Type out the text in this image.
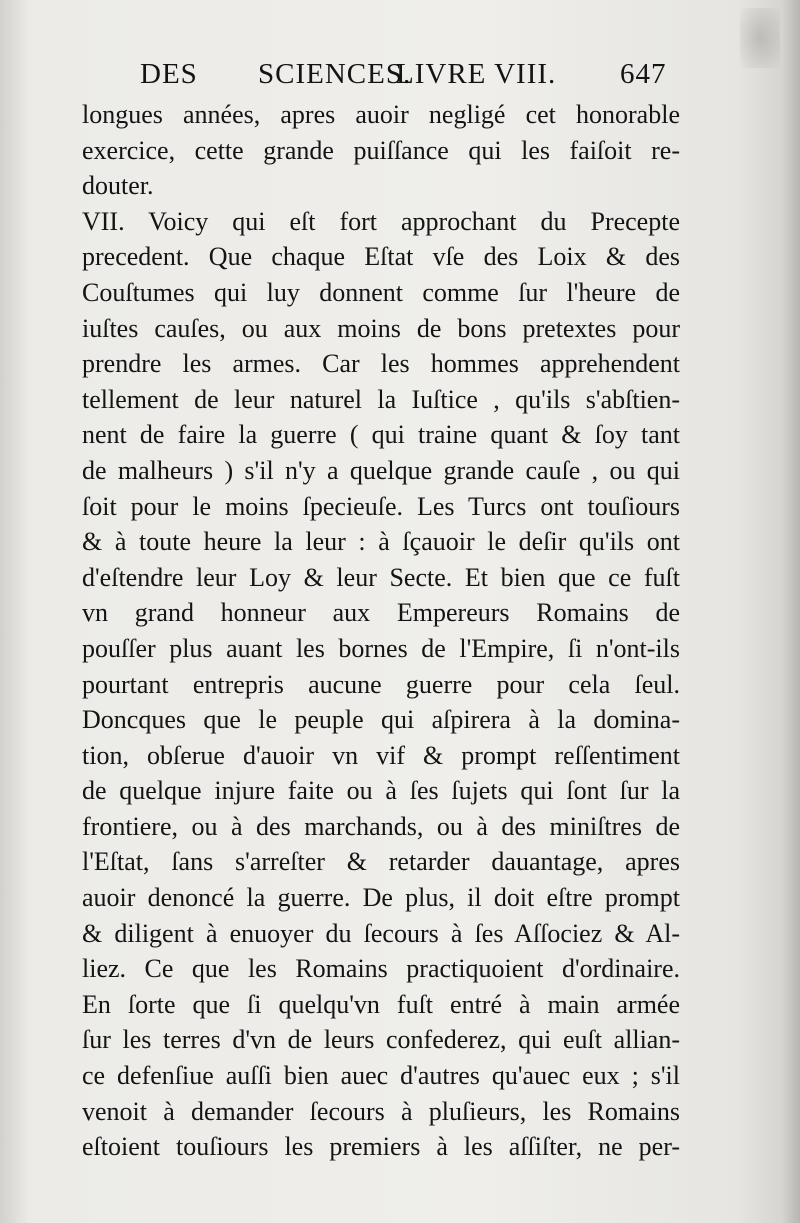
DES SCIENCES.
LIVRE VIII. 647
longues années, apres auoir negligé cet honorable
exercice, cette grande puiſſance qui les faiſoit re-
douter.
VII. Voicy qui eſt fort approchant du Precepte
precedent. Que chaque Eſtat vſe des Loix & des
Couſtumes qui luy donnent comme ſur l'heure de
iuſtes cauſes, ou aux moins de bons pretextes pour
prendre les armes. Car les hommes apprehendent
tellement de leur naturel la Iuſtice , qu'ils s'abſtien-
nent de faire la guerre ( qui traine quant & ſoy tant
de malheurs ) s'il n'y a quelque grande cauſe , ou qui
ſoit pour le moins ſpecieuſe. Les Turcs ont touſiours
& à toute heure la leur : à ſçauoir le deſir qu'ils ont
d'eſtendre leur Loy & leur Secte. Et bien que ce fuſt
vn grand honneur aux Empereurs Romains de
pouſſer plus auant les bornes de l'Empire, ſi n'ont-ils
pourtant entrepris aucune guerre pour cela ſeul.
Doncques que le peuple qui aſpirera à la domina-
tion, obſerue d'auoir vn vif & prompt reſſentiment
de quelque injure faite ou à ſes ſujets qui ſont ſur la
frontiere, ou à des marchands, ou à des miniſtres de
l'Eſtat, ſans s'arreſter & retarder dauantage, apres
auoir denoncé la guerre. De plus, il doit eſtre prompt
& diligent à enuoyer du ſecours à ſes Aſſociez & Al-
liez. Ce que les Romains practiquoient d'ordinaire.
En ſorte que ſi quelqu'vn fuſt entré à main armée
ſur les terres d'vn de leurs confederez, qui euſt allian-
ce defenſiue auſſi bien auec d'autres qu'auec eux ; s'il
venoit à demander ſecours à pluſieurs, les Romains
eſtoient touſiours les premiers à les aſſiſter, ne per-
